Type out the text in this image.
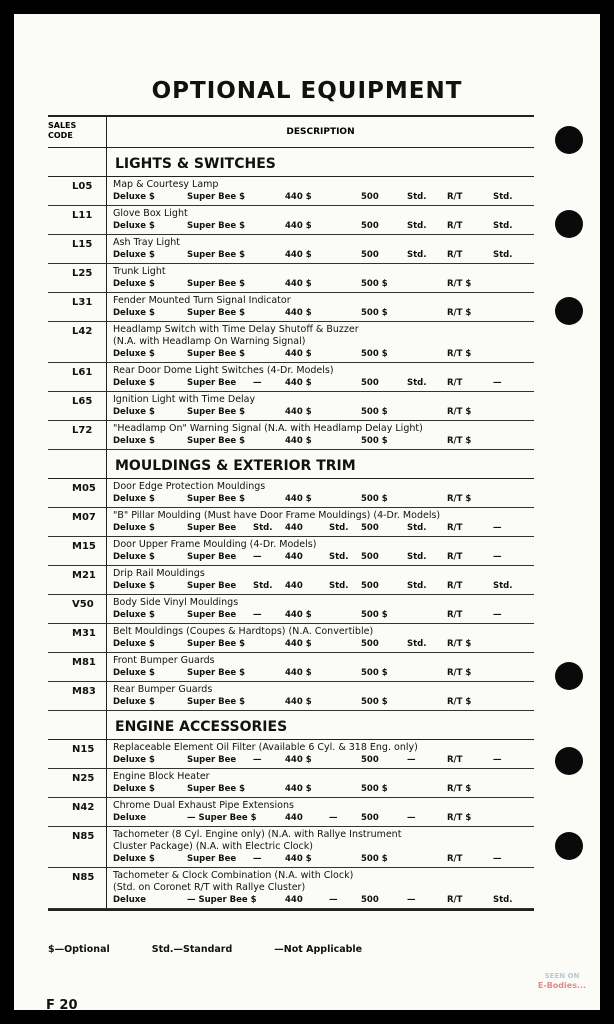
OPTIONAL EQUIPMENT
SALES
CODE	DESCRIPTION
LIGHTS & SWITCHES
L05	Map & Courtesy Lamp
Deluxe $	Super Bee $	440 $	500	Std.	R/T	Std.
L11	Glove Box Light
Deluxe $	Super Bee $	440 $	500	Std.	R/T	Std.
L15	Ash Tray Light
Deluxe $	Super Bee $	440 $	500	Std.	R/T	Std.
L25	Trunk Light
Deluxe $	Super Bee $	440 $	500 $	R/T $
L31	Fender Mounted Turn Signal Indicator
Deluxe $	Super Bee $	440 $	500 $	R/T $
L42	Headlamp Switch with Time Delay Shutoff & Buzzer
(N.A. with Headlamp On Warning Signal)
Deluxe $	Super Bee $	440 $	500 $	R/T $
L61	Rear Door Dome Light Switches (4-Dr. Models)
Deluxe $	Super Bee	—	440 $	500	Std.	R/T	—
L65	Ignition Light with Time Delay
Deluxe $	Super Bee $	440 $	500 $	R/T $
L72	"Headlamp On" Warning Signal (N.A. with Headlamp Delay Light)
Deluxe $	Super Bee $	440 $	500 $	R/T $
MOULDINGS & EXTERIOR TRIM
M05	Door Edge Protection Mouldings
Deluxe $	Super Bee $	440 $	500 $	R/T $
M07	"B" Pillar Moulding (Must have Door Frame Mouldings) (4-Dr. Models)
Deluxe $	Super Bee	Std.	440	Std.	500	Std.	R/T	—
M15	Door Upper Frame Moulding (4-Dr. Models)
Deluxe $	Super Bee	—	440	Std.	500	Std.	R/T	—
M21	Drip Rail Mouldings
Deluxe $	Super Bee	Std.	440	Std.	500	Std.	R/T	Std.
V50	Body Side Vinyl Mouldings
Deluxe $	Super Bee	—	440 $	500 $	R/T	—
M31	Belt Mouldings (Coupes & Hardtops) (N.A. Convertible)
Deluxe $	Super Bee $	440 $	500	Std.	R/T $
M81	Front Bumper Guards
Deluxe $	Super Bee $	440 $	500 $	R/T $
M83	Rear Bumper Guards
Deluxe $	Super Bee $	440 $	500 $	R/T $
ENGINE ACCESSORIES
N15	Replaceable Element Oil Filter (Available 6 Cyl. & 318 Eng. only)
Deluxe $	Super Bee	—	440 $	500	—	R/T	—
N25	Engine Block Heater
Deluxe $	Super Bee $	440 $	500 $	R/T $
N42	Chrome Dual Exhaust Pipe Extensions
Deluxe	— Super Bee $	440	—	500	—	R/T $
N85	Tachometer (8 Cyl. Engine only) (N.A. with Rallye Instrument
Cluster Package) (N.A. with Electric Clock)
Deluxe $	Super Bee	—	440 $	500 $	R/T	—
N85	Tachometer & Clock Combination (N.A. with Clock)
(Std. on Coronet R/T with Rallye Cluster)
Deluxe	— Super Bee $	440	—	500	—	R/T	Std.
$—Optional	Std.—Standard	—Not Applicable
F 20
SEEN ON
E-Bodies...
